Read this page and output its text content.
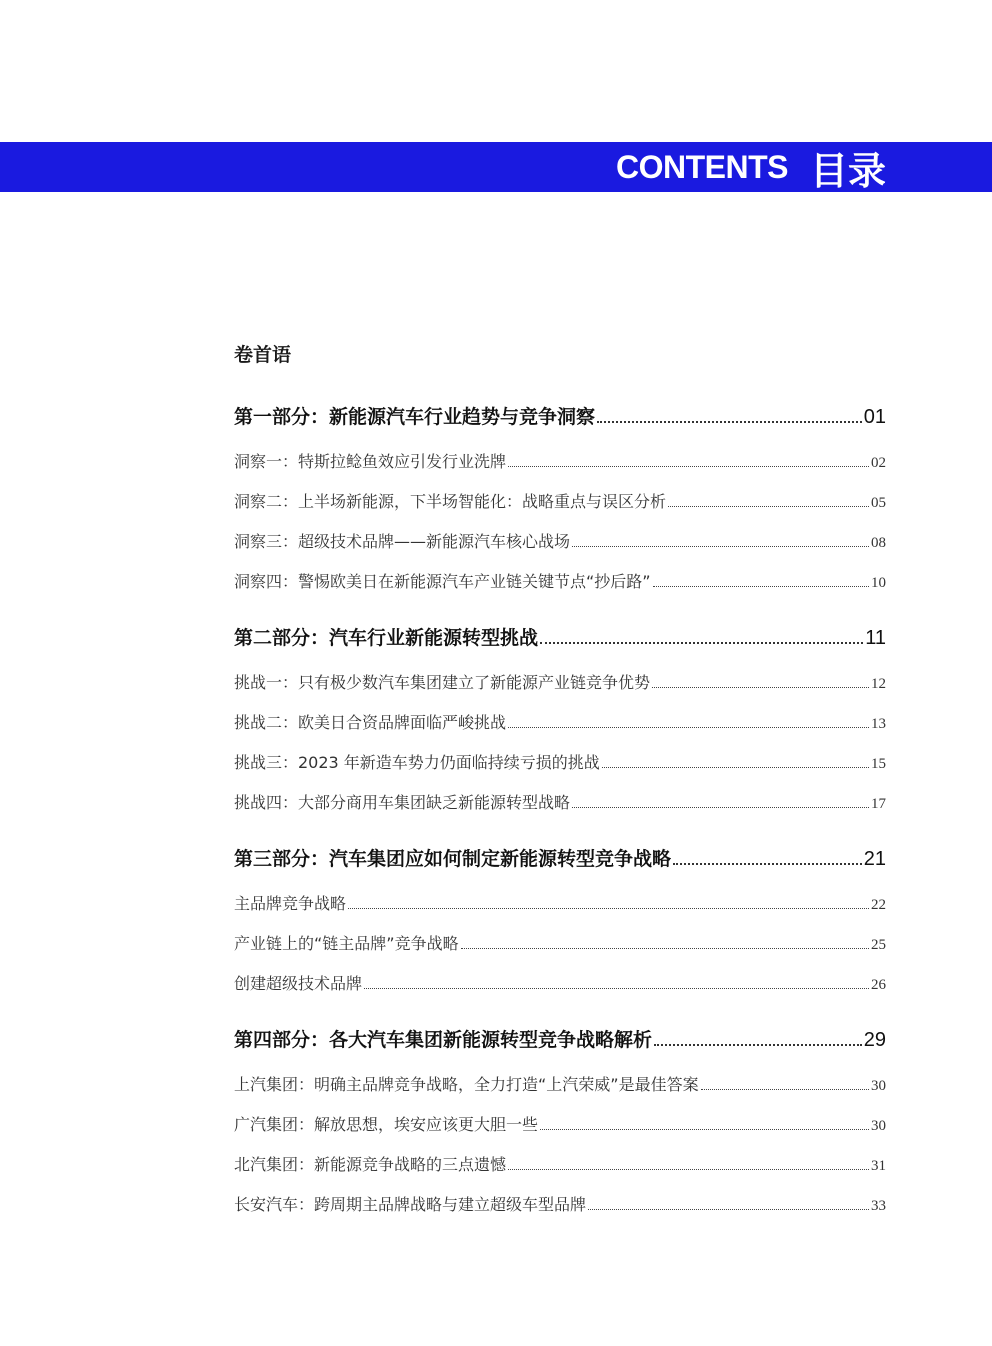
CONTENTS 目录
卷首语
第一部分：新能源汽车行业趋势与竞争洞察	01
洞察一：特斯拉鲶鱼效应引发行业洗牌	02
洞察二：上半场新能源，下半场智能化：战略重点与误区分析	05
洞察三：超级技术品牌——新能源汽车核心战场	08
洞察四：警惕欧美日在新能源汽车产业链关键节点“抄后路”	10
第二部分：汽车行业新能源转型挑战	11
挑战一：只有极少数汽车集团建立了新能源产业链竞争优势	12
挑战二：欧美日合资品牌面临严峻挑战	13
挑战三：2023 年新造车势力仍面临持续亏损的挑战	15
挑战四：大部分商用车集团缺乏新能源转型战略	17
第三部分：汽车集团应如何制定新能源转型竞争战略	21
主品牌竞争战略	22
产业链上的“链主品牌”竞争战略	25
创建超级技术品牌	26
第四部分：各大汽车集团新能源转型竞争战略解析	29
上汽集团：明确主品牌竞争战略，全力打造“上汽荣威”是最佳答案	30
广汽集团：解放思想，埃安应该更大胆一些	30
北汽集团：新能源竞争战略的三点遗憾	31
长安汽车：跨周期主品牌战略与建立超级车型品牌	33
